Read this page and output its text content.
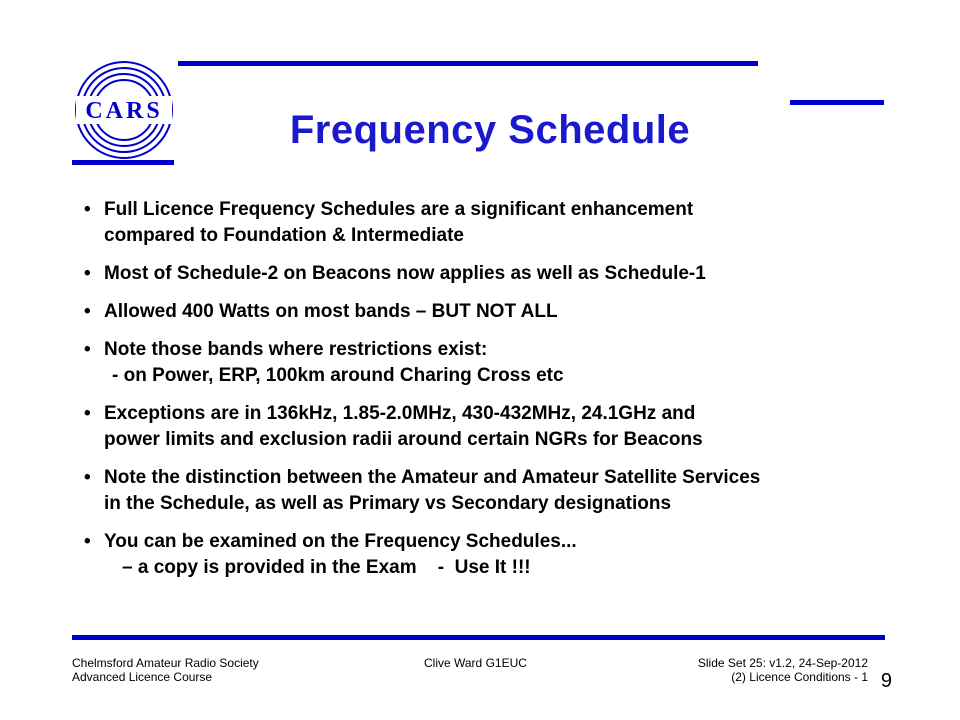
CARS	Frequency Schedule
• Full Licence Frequency Schedules are a significant enhancement
compared to Foundation & Intermediate
• Most of Schedule-2 on Beacons now applies as well as Schedule-1
• Allowed 400 Watts on most bands – BUT NOT ALL
• Note those bands where restrictions exist:
- on Power, ERP, 100km around Charing Cross etc
• Exceptions are in 136kHz, 1.85-2.0MHz, 430-432MHz, 24.1GHz and
power limits and exclusion radii around certain NGRs for Beacons
• Note the distinction between the Amateur and Amateur Satellite Services
in the Schedule, as well as Primary vs Secondary designations
• You can be examined on the Frequency Schedules...
– a copy is provided in the Exam    -  Use It !!!
Chelmsford Amateur Radio Society
Advanced Licence Course
Clive Ward G1EUC	Slide Set 25: v1.2, 24-Sep-2012
(2) Licence Conditions - 1 9
